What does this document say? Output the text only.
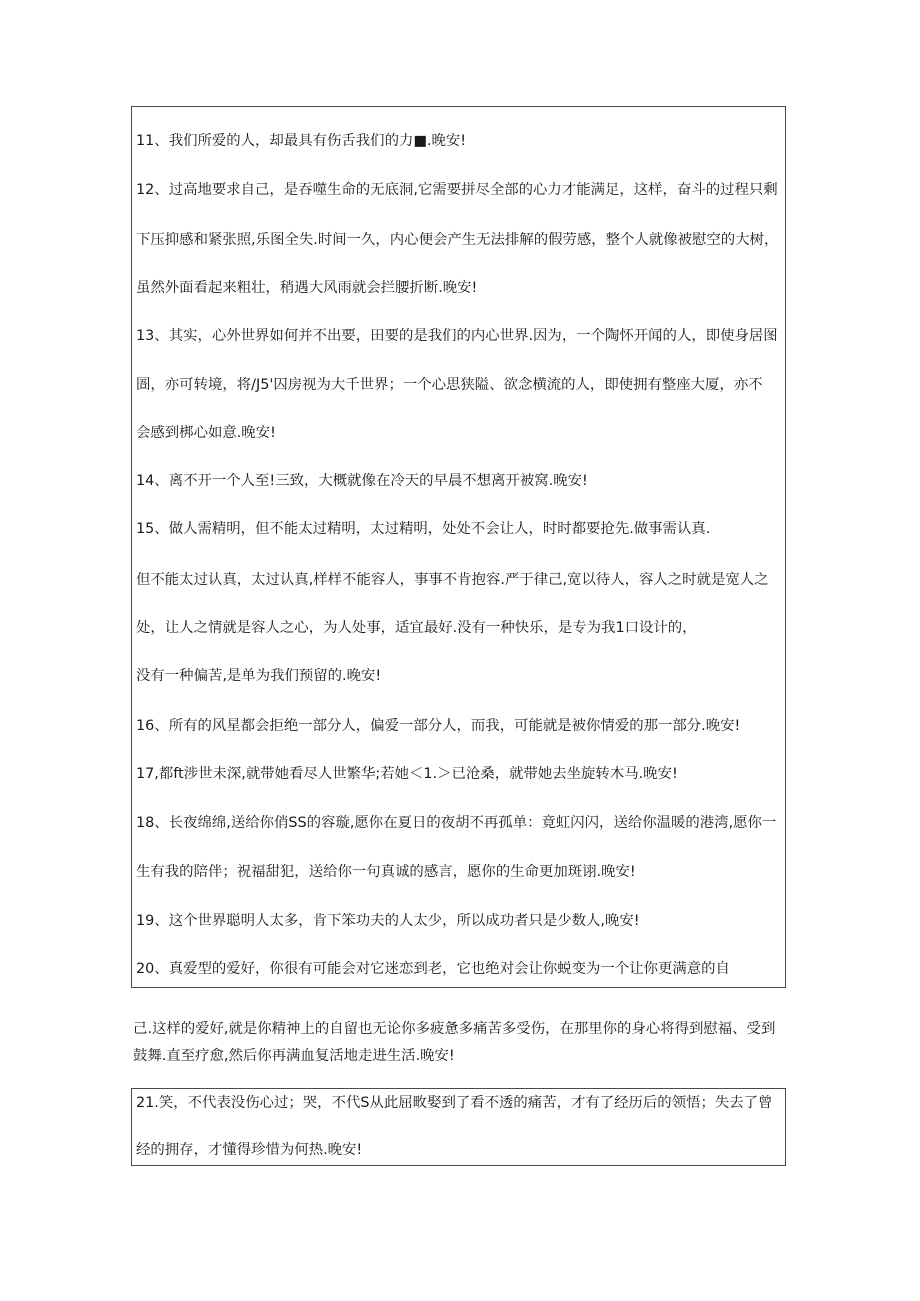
11、我们所爱的人，却最具有伤舌我们的力■.晚安!
12、过高地要求自己，是吞噬生命的无底洞,它需要拼尽全部的心力才能满足，这样，奋斗的过程只剩
下压抑感和紧张照,乐图全失.时间一久，内心便会产生无法排解的假劳感，整个人就像被慰空的大树，
虽然外面看起来粗壮，稍遇大风雨就会拦腰折断.晚安!
13、其实，心外世界如何并不出要，田要的是我们的内心世界.因为，一个陶怀开闻的人，即使身居图
圄，亦可转境，将/J5'囚房视为大千世界；一个心思狭隘、欲念横流的人，即使拥有整座大厦，亦不
会感到梆心如意.晚安!
14、离不开一个人至!三致，大概就像在冷天的早晨不想离开被窝.晚安!
15、做人需精明，但不能太过精明，太过精明，处处不会让人，时时都要抢先.做事需认真.
但不能太过认真，太过认真,样样不能容人，事事不肯抱容.严于律己,宽以待人，容人之时就是宽人之
处，让人之情就是容人之心，为人处事，适宜最好.没有一种快乐，是专为我1口设计的，
没有一种偏苦,是单为我们预留的.晚安!
16、所有的风星都会拒绝一部分人，偏爱一部分人，而我，可能就是被你情爱的那一部分.晚安!
17,都ft涉世未深,就带她看尽人世繁华;若她＜1.＞已沧桑，就带她去坐旋转木马.晚安!
18、长夜绵绵,送给你俏SS的容璇,愿你在夏日的夜胡不再孤单：竟虹闪闪，送给你温暖的港湾,愿你一
生有我的陪伴；祝福甜犯，送给你一句真诚的感言，愿你的生命更加斑诩.晚安!
19、这个世界聪明人太多，肯下笨功夫的人太少，所以成功者只是少数人,晚安!
20、真爱型的爱好，你很有可能会对它迷恋到老，它也绝对会让你蜕变为一个让你更满意的自
己.这样的爱好,就是你精神上的自留也无论你多疲惫多痛苦多受伤，在那里你的身心将得到慰福、受到
鼓舞.直至疗愈,然后你再满血复活地走进生活.晚安!
21.笑，不代表没伤心过；哭，不代S从此屈畋娶到了看不透的痛苦，才有了经历后的领悟；失去了曾
经的拥存，才懂得珍惜为何热.晚安!
